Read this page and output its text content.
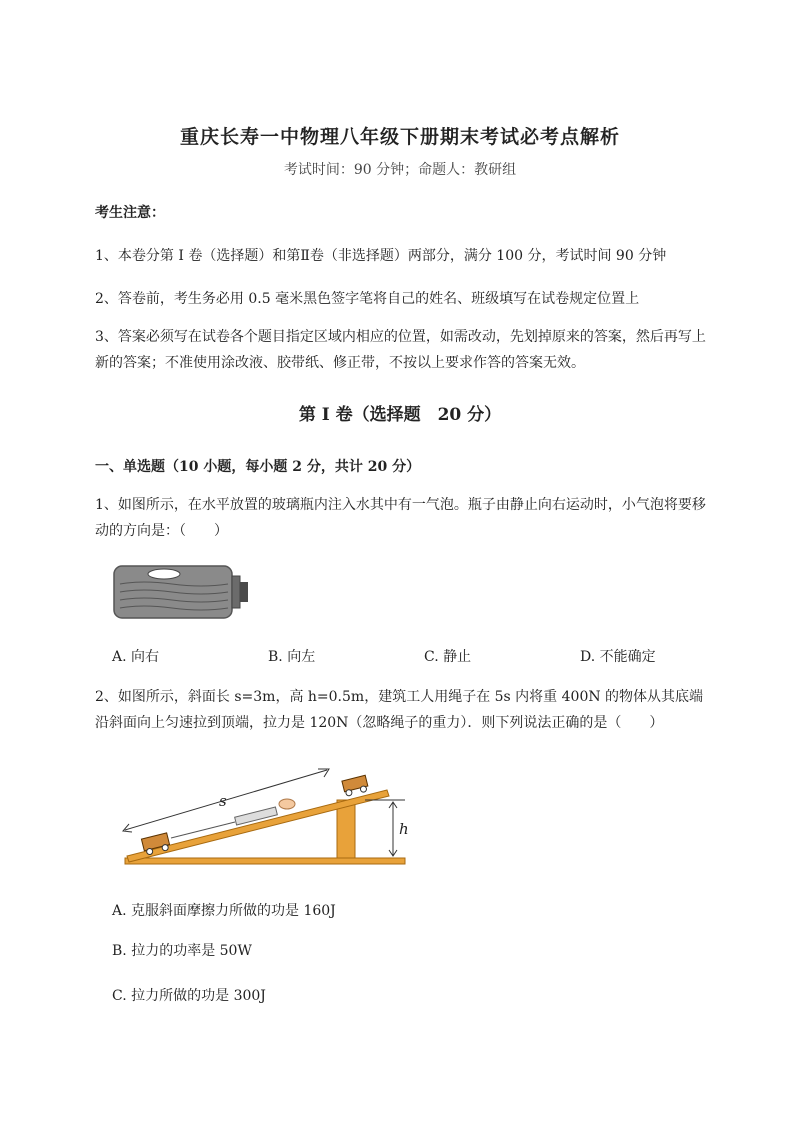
重庆长寿一中物理八年级下册期末考试必考点解析
考试时间：90 分钟；命题人：教研组
考生注意：
1、本卷分第 I 卷（选择题）和第Ⅱ卷（非选择题）两部分，满分 100 分，考试时间 90 分钟
2、答卷前，考生务必用 0.5 毫米黑色签字笔将自己的姓名、班级填写在试卷规定位置上
3、答案必须写在试卷各个题目指定区域内相应的位置，如需改动，先划掉原来的答案，然后再写上新的答案；不准使用涂改液、胶带纸、修正带，不按以上要求作答的答案无效。
第 I 卷（选择题　20 分）
一、单选题（10 小题，每小题 2 分，共计 20 分）
1、如图所示，在水平放置的玻璃瓶内注入水其中有一气泡。瓶子由静止向右运动时，小气泡将要移动的方向是：（　　）
A. 向右	B. 向左	C. 静止	D. 不能确定
2、如图所示，斜面长 s=3m，高 h=0.5m，建筑工人用绳子在 5s 内将重 400N 的物体从其底端沿斜面向上匀速拉到顶端，拉力是 120N（忽略绳子的重力）．则下列说法正确的是（　　）
h
s
A. 克服斜面摩擦力所做的功是 160J
B. 拉力的功率是 50W
C. 拉力所做的功是 300J
